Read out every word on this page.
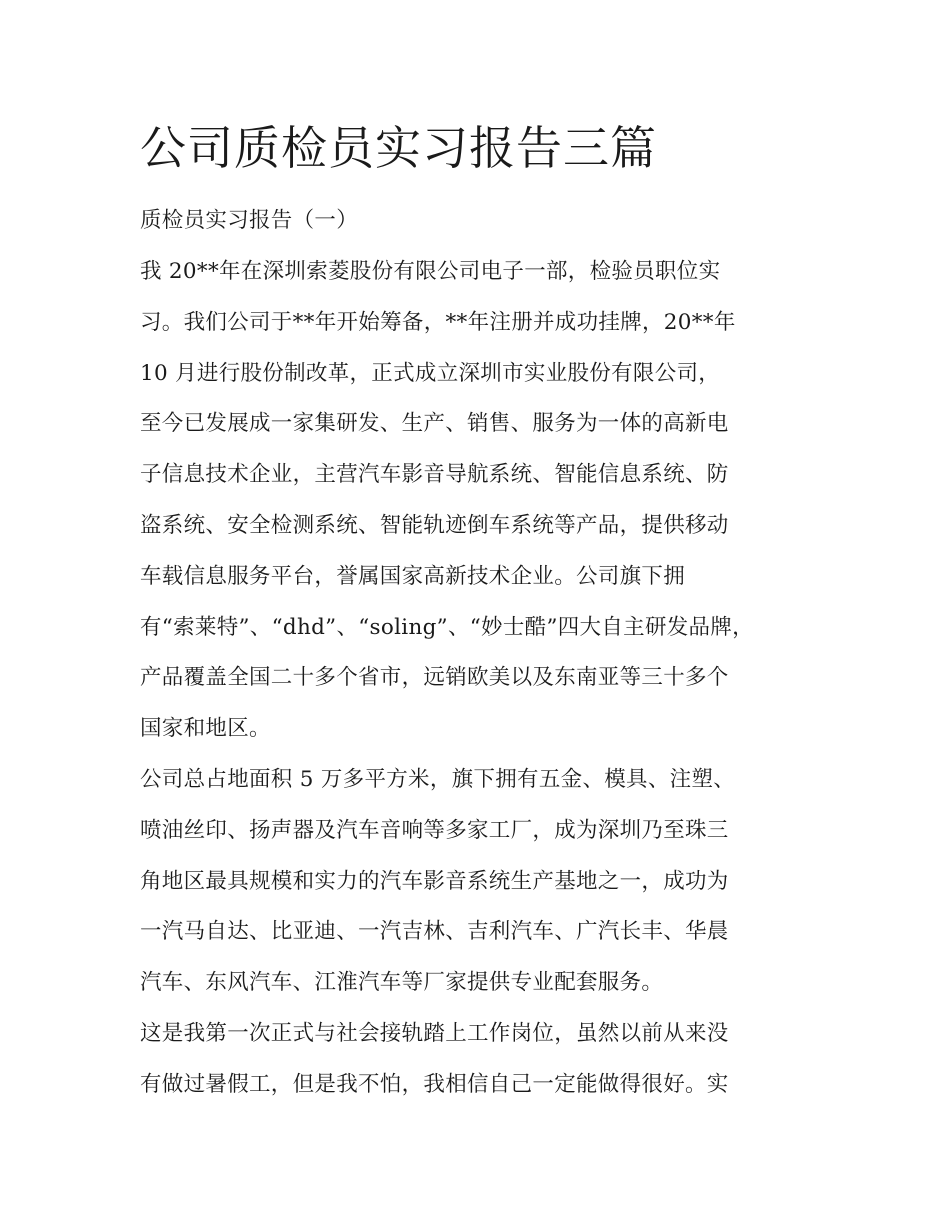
公司质检员实习报告三篇
质检员实习报告（一）
我 20**年在深圳索菱股份有限公司电子一部，检验员职位实
习。我们公司于**年开始筹备，**年注册并成功挂牌，20**年
10 月进行股份制改革，正式成立深圳市实业股份有限公司，
至今已发展成一家集研发、生产、销售、服务为一体的高新电
子信息技术企业，主营汽车影音导航系统、智能信息系统、防
盗系统、安全检测系统、智能轨迹倒车系统等产品，提供移动
车载信息服务平台，誉属国家高新技术企业。公司旗下拥
有“索莱特”、“dhd”、“soling”、“妙士酷”四大自主研发品牌，
产品覆盖全国二十多个省市，远销欧美以及东南亚等三十多个
国家和地区。
公司总占地面积 5 万多平方米，旗下拥有五金、模具、注塑、
喷油丝印、扬声器及汽车音响等多家工厂，成为深圳乃至珠三
角地区最具规模和实力的汽车影音系统生产基地之一，成功为
一汽马自达、比亚迪、一汽吉林、吉利汽车、广汽长丰、华晨
汽车、东风汽车、江淮汽车等厂家提供专业配套服务。
这是我第一次正式与社会接轨踏上工作岗位，虽然以前从来没
有做过暑假工，但是我不怕，我相信自己一定能做得很好。实
